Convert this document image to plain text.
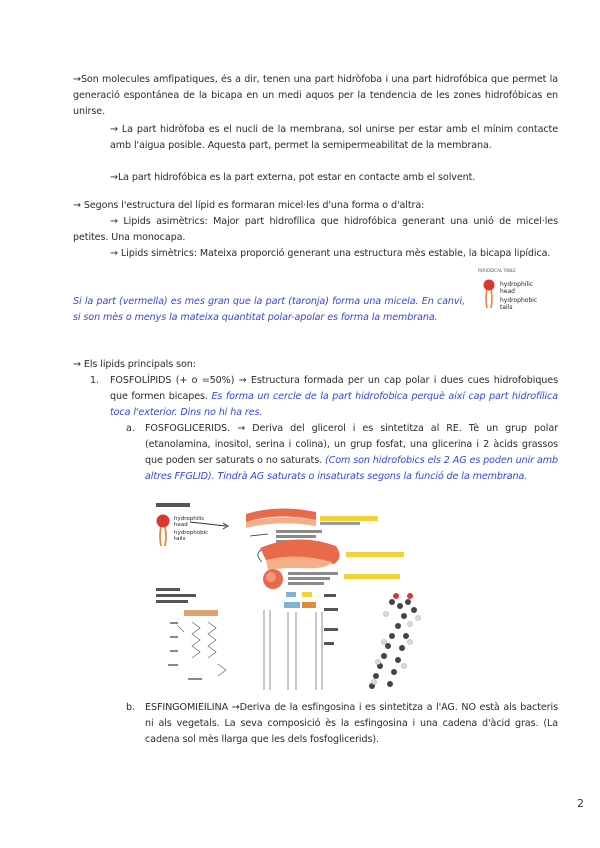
→Son molecules amfipatiques, és a dir, tenen una part hidròfoba i una part hidrofóbica que permet la generació espontánea de la bicapa en un medi aquos per la tendencia de les zones hidrofóbicas en unirse.
→ La part hidròfoba es el nucli de la membrana, sol unirse per estar amb el mínim contacte amb l'aigua posible. Aquesta part, permet la semipermeabilitat de la membrana.
→La part hidrofóbica es la part externa, pot estar en contacte amb el solvent.
→ Segons l'estructura del lípid es formaran micel·les d'una forma o d'altra:
→ Lipids asimètrics: Major part hidrofílica que hidrofóbica generant una unió de micel·les petites. Una monocapa.
→ Lipids simètrics: Mateixa proporció generant una estructura mès estable, la bicapa lipídica.
Si la part (vermella) es mes gran que la part (taronja) forma una micela. En canvi, si son mès o menys la mateixa quantitat polar-apolar es forma la membrana.
PERIODICAL TABLE
hydrophilic head
hydrophobic tails
→ Els lipids principals son:
1. FOSFOLÍPIDS (+ o =50%) → Estructura formada per un cap polar i dues cues hidrofobiques que formen bicapes. Es forma un cercle de la part hidrofobica perquè així cap part hidrofílica toca l'exterior. Dins no hi ha res.
a. FOSFOGLICERIDS. → Deriva del glicerol i es sintetitza al RE. Tè un grup polar (etanolamina, inositol, serina i colina), un grup fosfat, una glicerina i 2 àcids grassos que poden ser saturats o no saturats. (Com son hidrofobics els 2 AG es poden unir amb altres FFGLID). Tindrà AG saturats o insaturats segons la funció de la membrana.
hydrophilic head
hydrophobic tails
b. ESFINGOMIEILINA →Deriva de la esfingosina i es sintetitza a l'AG. NO està als bacteris ni als vegetals. La seva composició ès la esfingosina i una cadena d'àcid gras. (La cadena sol mès llarga que les dels fosfoglicerids).
2
